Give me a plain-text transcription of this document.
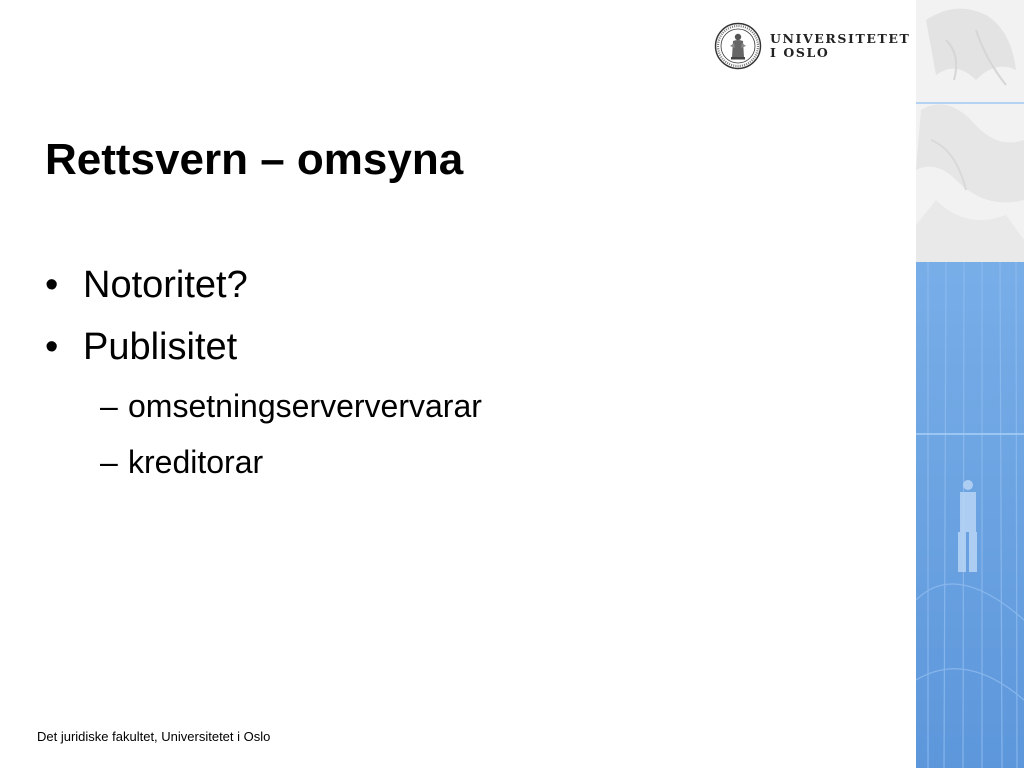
UNIVERSITETET
I OSLO
Rettsvern – omsyna
• Notoritet?
• Publisitet
– omsetningserververvarar
– kreditorar
Det juridiske fakultet, Universitetet i Oslo
